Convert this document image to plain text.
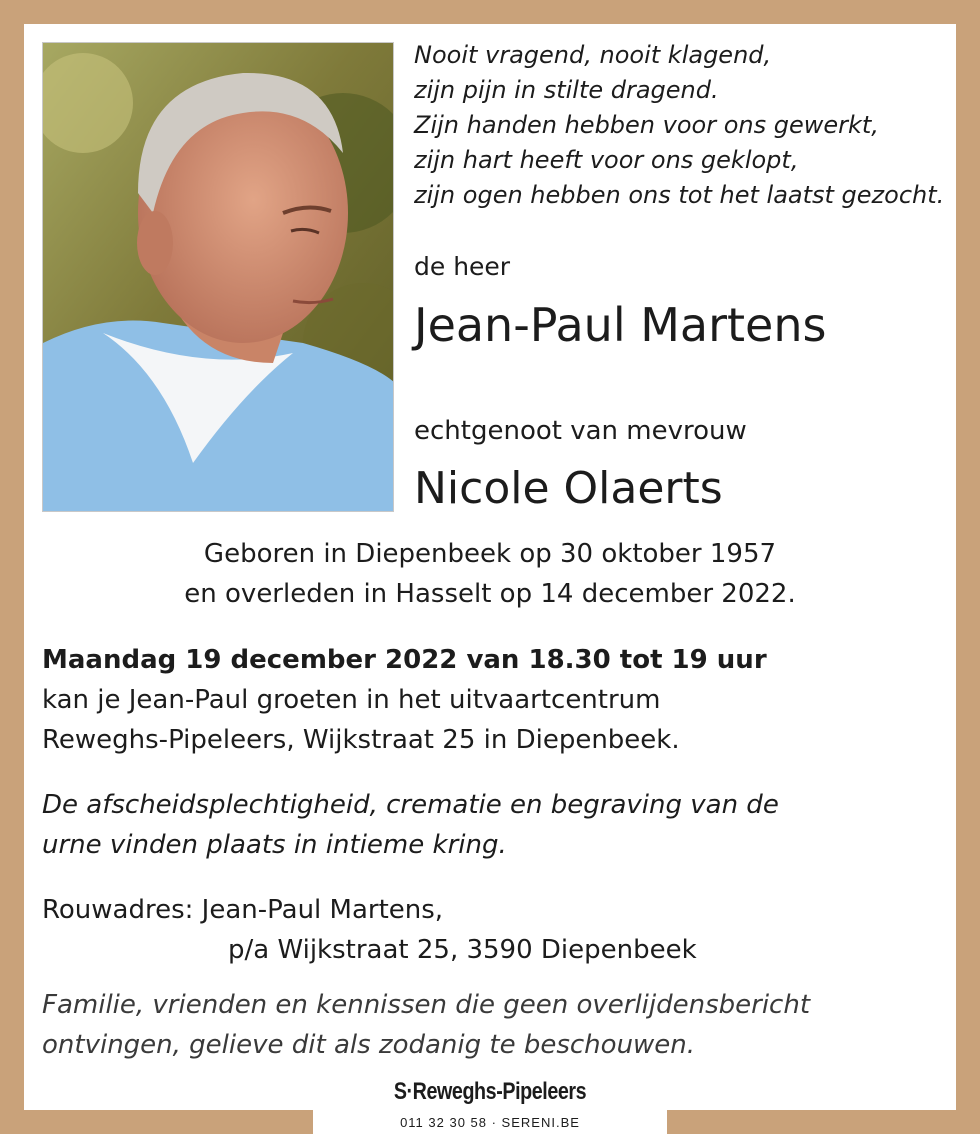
Nooit vragend, nooit klagend,
zijn pijn in stilte dragend.
Zijn handen hebben voor ons gewerkt,
zijn hart heeft voor ons geklopt,
zijn ogen hebben ons tot het laatst gezocht.
de heer
Jean-Paul Martens
echtgenoot van mevrouw
Nicole Olaerts
Geboren in Diepenbeek op 30 oktober 1957
en overleden in Hasselt op 14 december 2022.
Maandag 19 december 2022 van 18.30 tot 19 uur
kan je Jean-Paul groeten in het uitvaartcentrum
Reweghs-Pipeleers, Wijkstraat 25 in Diepenbeek.
De afscheidsplechtigheid, crematie en begraving van de
urne vinden plaats in intieme kring.
Rouwadres: Jean-Paul Martens,
p/a Wijkstraat 25, 3590 Diepenbeek
Familie, vrienden en kennissen die geen overlijdensbericht
ontvingen, gelieve dit als zodanig te beschouwen.
S·Reweghs-Pipeleers
011 32 30 58 · SERENI.BE
